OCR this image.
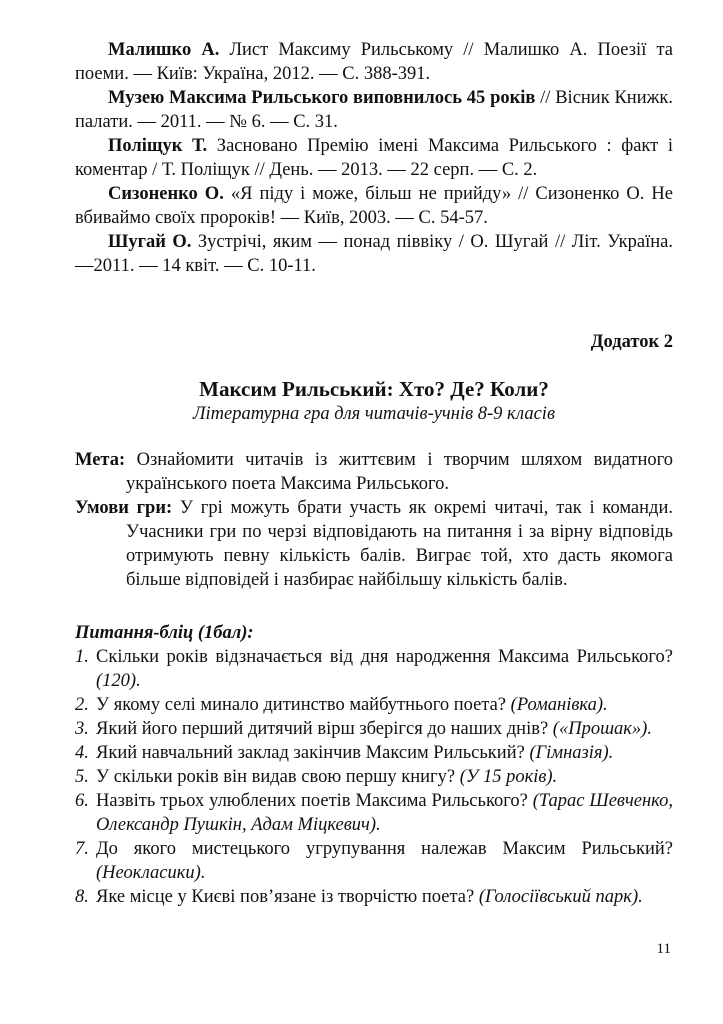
Малишко А. Лист Максиму Рильському // Малишко А. Поезії та поеми. — Київ: Україна, 2012. — С. 388-391.

Музею Максима Рильського виповнилось 45 років // Вісник Книжк. палати. — 2011. — № 6. — С. 31.

Поліщук Т. Засновано Премію імені Максима Рильського : факт і коментар / Т. Поліщук // День. — 2013. — 22 серп. — С. 2.

Сизоненко О. «Я піду і може, більш не прийду» // Сизоненко О. Не вбиваймо своїх пророків! — Київ, 2003. — С. 54-57.

Шугай О. Зустрічі, яким — понад піввіку / О. Шугай // Літ. Україна. —2011. — 14 квіт. — С. 10-11.

Додаток 2
Максим Рильський: Хто? Де? Коли?
Літературна гра для читачів-учнів 8-9 класів

Мета: Ознайомити читачів із життєвим і творчим шляхом видатного українського поета Максима Рильського.

Умови гри: У грі можуть брати участь як окремі читачі, так і команди. Учасники гри по черзі відповідають на питання і за вірну відповідь отримують певну кількість балів. Виграє той, хто дасть якомога більше відповідей і назбирає найбільшу кількість балів.

Питання-бліц (1бал):
1. Скільки років відзначається від дня народження Максима Рильського? (120).
2. У якому селі минало дитинство майбутнього поета? (Романівка).
3. Який його перший дитячий вірш зберігся до наших днів? («Прошак»).
4. Який навчальний заклад закінчив Максим Рильський? (Гімназія).
5. У скільки років він видав свою першу книгу? (У 15 років).
6. Назвіть трьох улюблених поетів Максима Рильського? (Тарас Шевченко, Олександр Пушкін, Адам Міцкевич).
7. До якого мистецького угрупування належав Максим Рильський? (Неокласики).
8. Яке місце у Києві пов’язане із творчістю поета? (Голосіївський парк).
11
